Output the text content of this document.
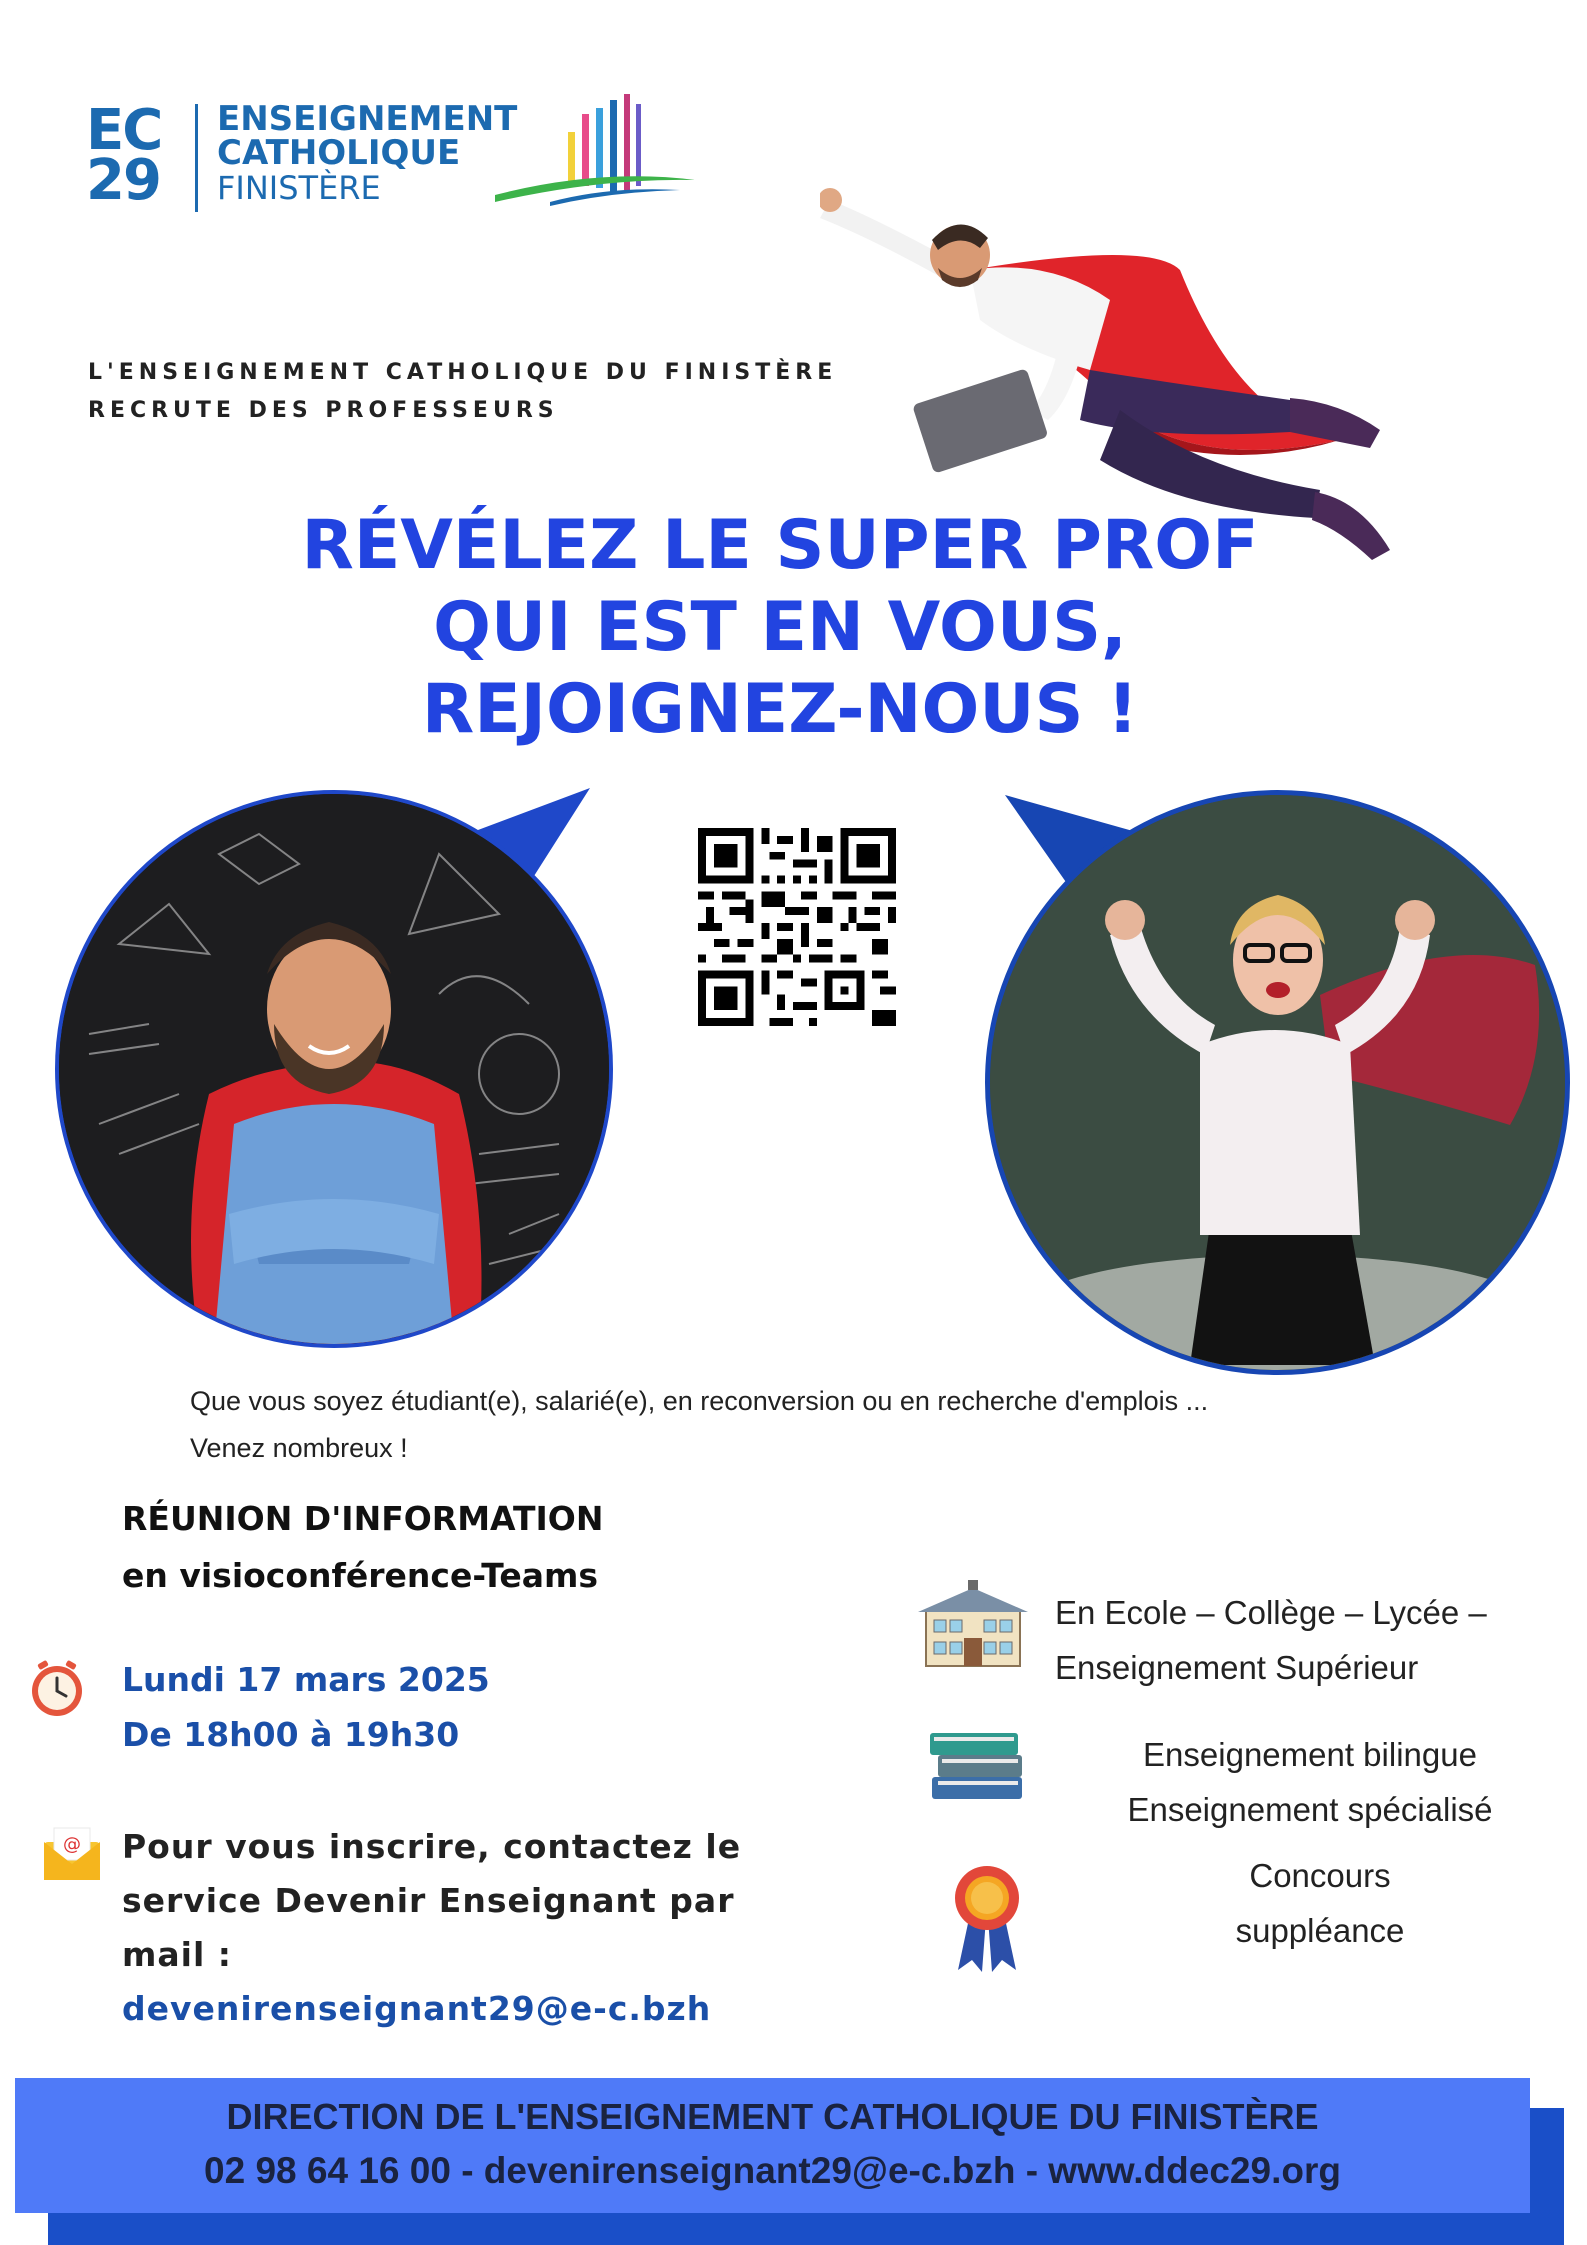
EC
29
ENSEIGNEMENT
CATHOLIQUE
FINISTÈRE
L'ENSEIGNEMENT CATHOLIQUE DU FINISTÈRE
RECRUTE DES PROFESSEURS
RÉVÉLEZ LE SUPER PROF
QUI EST EN VOUS,
REJOIGNEZ-NOUS !
Que vous soyez étudiant(e), salarié(e), en reconversion ou en recherche d'emplois ...
Venez nombreux !
RÉUNION D'INFORMATION
en visioconférence-Teams
Lundi 17 mars 2025
De 18h00 à 19h30
@ Pour vous inscrire, contactez le
service Devenir Enseignant par
mail :
devenirenseignant29@e-c.bzh
En Ecole – Collège – Lycée –
Enseignement Supérieur
Enseignement bilingue
Enseignement spécialisé
Concours
suppléance
DIRECTION DE L'ENSEIGNEMENT CATHOLIQUE DU FINISTÈRE
02 98 64 16 00 - devenirenseignant29@e-c.bzh - www.ddec29.org
